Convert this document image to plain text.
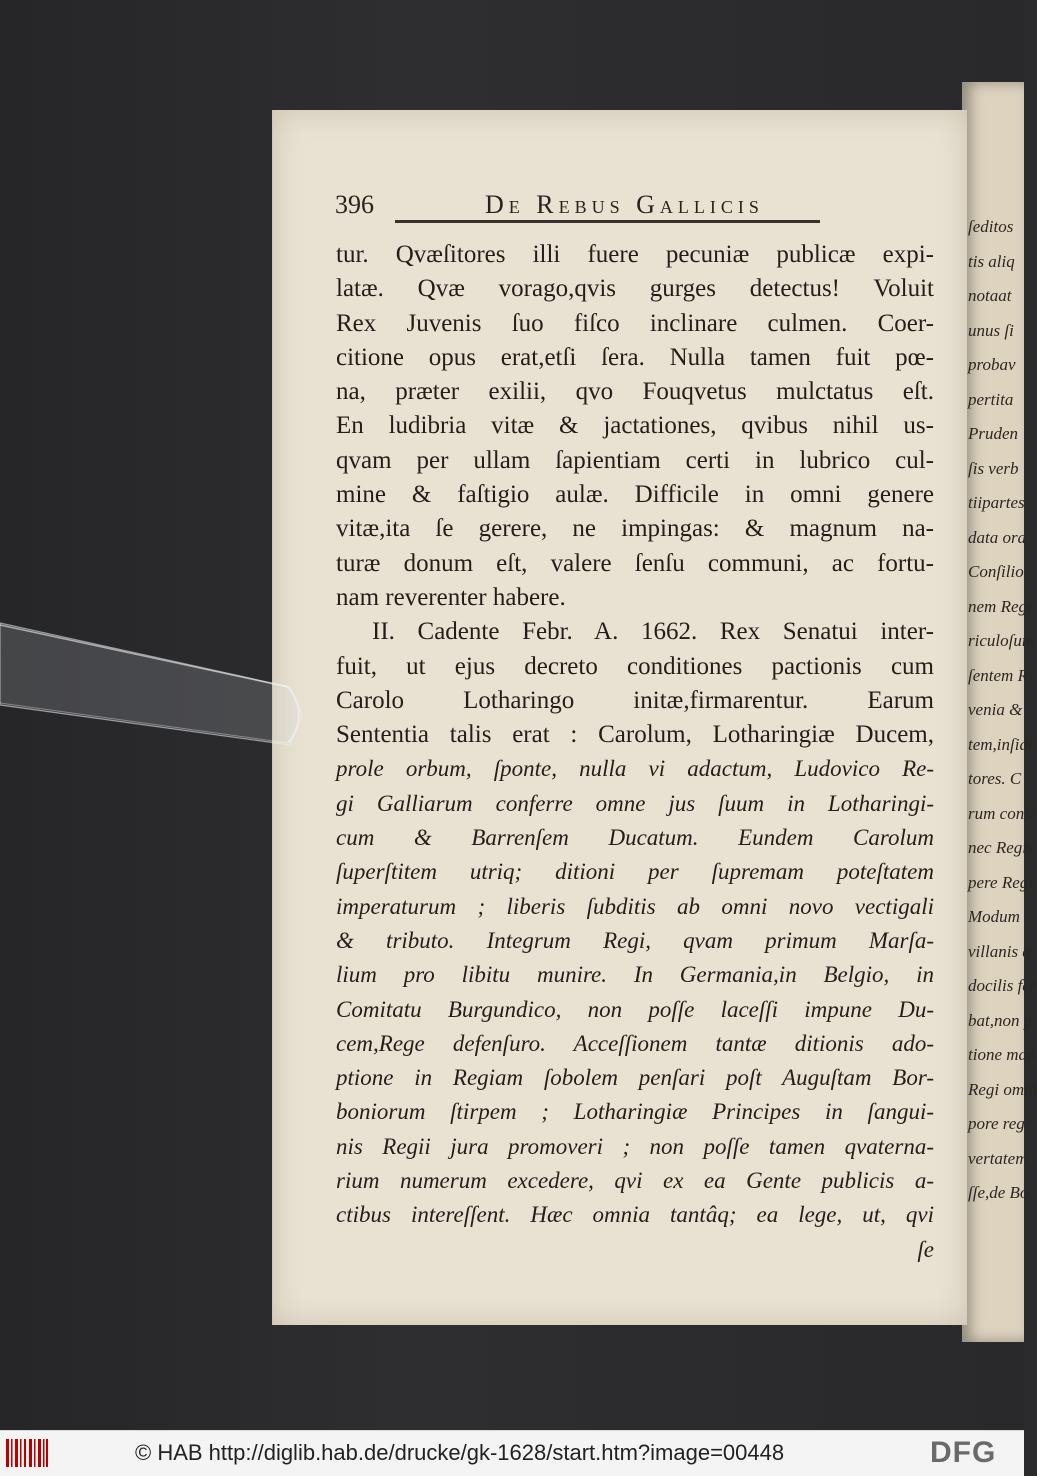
ſeditos
tis aliq
notaat
unus ſi
probav
pertita
Pruden
ſis verb
tiipartes
data ora
Conſilio
nem Regi
riculoſum
ſentem R
venia &
tem,inſidi
tores. C
rum conſe
nec Regis
pere Regi
Modum
villanis q
docilis fer
bat,non p
tione man
Regi omni
pore rege
vertatem
ſſe,de Bo
396	De Rebus Gallicis
tur. Qvæſitores illi fuere pecuniæ publicæ expi-
latæ. Qvæ vorago,qvis gurges detectus! Voluit
Rex Juvenis ſuo fiſco inclinare culmen. Coer-
citione opus erat,etſi ſera. Nulla tamen fuit pœ-
na, præter exilii, qvo Fouqvetus mulctatus eſt.
En ludibria vitæ & jactationes, qvibus nihil us-
qvam per ullam ſapientiam certi in lubrico cul-
mine & faſtigio aulæ. Difficile in omni genere
vitæ,ita ſe gerere, ne impingas: & magnum na-
turæ donum eſt, valere ſenſu communi, ac fortu-
nam reverenter habere.
II. Cadente Febr. A. 1662. Rex Senatui inter-
fuit, ut ejus decreto conditiones pactionis cum
Carolo Lotharingo initæ,firmarentur. Earum
Sententia talis erat : Carolum, Lotharingiæ Ducem,
prole orbum, ſponte, nulla vi adactum, Ludovico Re-
gi Galliarum conferre omne jus ſuum in Lotharingi-
cum & Barrenſem Ducatum. Eundem Carolum
ſuperſtitem utriq; ditioni per ſupremam poteſtatem
imperaturum ; liberis ſubditis ab omni novo vectigali
& tributo. Integrum Regi, qvam primum Marſa-
lium pro libitu munire. In Germania,in Belgio, in
Comitatu Burgundico, non poſſe laceſſi impune Du-
cem,Rege defenſuro. Acceſſionem tantæ ditionis ado-
ptione in Regiam ſobolem penſari poſt Auguſtam Bor-
boniorum ſtirpem ; Lotharingiæ Principes in ſangui-
nis Regii jura promoveri ; non poſſe tamen qvaterna-
rium numerum excedere, qvi ex ea Gente publicis a-
ctibus intereſſent. Hæc omnia tantâq; ea lege, ut, qvi
ſe
© HAB http://diglib.hab.de/drucke/gk-1628/start.htm?image=00448	DFG
